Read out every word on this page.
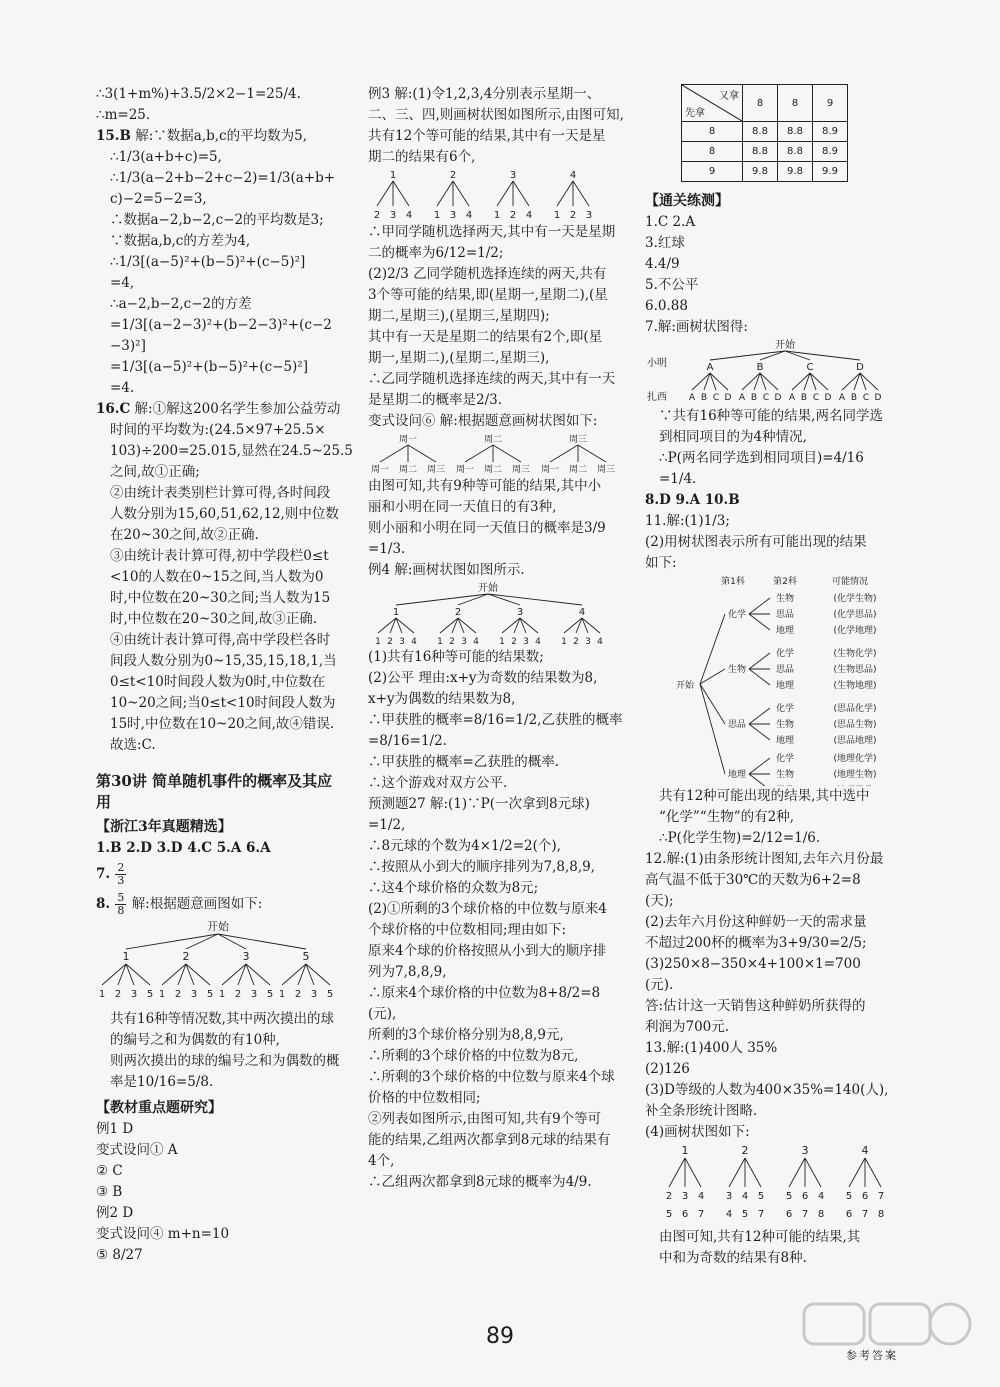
∴3(1+m%)+3.5/2×2−1=25/4.
∴m=25.
15.B 解:∵数据a,b,c的平均数为5,
∴1/3(a+b+c)=5,
∴1/3(a−2+b−2+c−2)=1/3(a+b+
c)−2=5−2=3,
∴数据a−2,b−2,c−2的平均数是3;
∵数据a,b,c的方差为4,
∴1/3[(a−5)²+(b−5)²+(c−5)²]
=4,
∴a−2,b−2,c−2的方差
=1/3[(a−2−3)²+(b−2−3)²+(c−2
−3)²]
=1/3[(a−5)²+(b−5)²+(c−5)²]
=4.
16.C 解:①解这200名学生参加公益劳动
时间的平均数为:(24.5×97+25.5×
103)÷200=25.015,显然在24.5~25.5
之间,故①正确;
②由统计表类别栏计算可得,各时间段
人数分别为15,60,51,62,12,则中位数
在20~30之间,故②正确.
③由统计表计算可得,初中学段栏0≤t
<10的人数在0~15之间,当人数为0
时,中位数在20~30之间;当人数为15
时,中位数在20~30之间,故③正确.
④由统计表计算可得,高中学段栏各时
间段人数分别为0~15,35,15,18,1,当
0≤t<10时间段人数为0时,中位数在
10~20之间;当0≤t<10时间段人数为
15时,中位数在10~20之间,故④错误.
故选:C.
第30讲 简单随机事件的概率及其应用
【浙江3年真题精选】
1.B 2.D 3.D 4.C 5.A 6.A
7. $\frac{2}{3}$
8. $\frac{5}{8}$ 解:根据题意画图如下:
开始
1
1 2 3 5
2
1 2 3 5
3
1 2 3 5
5
1 2 3 5
共有16种等情况数,其中两次摸出的球
的编号之和为偶数的有10种,
则两次摸出的球的编号之和为偶数的概
率是10/16=5/8.
【教材重点题研究】
例1 D
变式设问① A
② C
③ B
例2 D
变式设问④ m+n=10
⑤ 8/27
例3 解:(1)令1,2,3,4分别表示星期一、
二、三、四,则画树状图如图所示,由图可知,
共有12个等可能的结果,其中有一天是星
期二的结果有6个,
1
2 3 4
2
1 3 4
3
1 2 4
4
1 2 3
∴甲同学随机选择两天,其中有一天是星期
二的概率为6/12=1/2;
(2)2/3 乙同学随机选择连续的两天,共有
3个等可能的结果,即(星期一,星期二),(星
期二,星期三),(星期三,星期四);
其中有一天是星期二的结果有2个,即(星
期一,星期二),(星期二,星期三),
∴乙同学随机选择连续的两天,其中有一天
是星期二的概率是2/3.
变式设问⑥ 解:根据题意画树状图如下:
周一
周一 周二 周三
周二
周一 周二 周三
周三
周一 周二 周三
由图可知,共有9种等可能的结果,其中小
丽和小明在同一天值日的有3种,
则小丽和小明在同一天值日的概率是3/9
=1/3.
例4 解:画树状图如图所示.
开始
1
1 2 3 4
2
1 2 3 4
3
1 2 3 4
4
1 2 3 4
(1)共有16种等可能的结果数;
(2)公平 理由:x+y为奇数的结果数为8,
x+y为偶数的结果数为8,
∴甲获胜的概率=8/16=1/2,乙获胜的概率
=8/16=1/2.
∴甲获胜的概率=乙获胜的概率.
∴这个游戏对双方公平.
预测题27 解:(1)∵P(一次拿到8元球)
=1/2,
∴8元球的个数为4×1/2=2(个),
∴按照从小到大的顺序排列为7,8,8,9,
∴这4个球价格的众数为8元;
(2)①所剩的3个球价格的中位数与原来4
个球价格的中位数相同;理由如下:
原来4个球的价格按照从小到大的顺序排
列为7,8,8,9,
∴原来4个球价格的中位数为8+8/2=8
(元),
所剩的3个球价格分别为8,8,9元,
∴所剩的3个球价格的中位数为8元,
∴所剩的3个球价格的中位数与原来4个球
价格的中位数相同;
②列表如图所示,由图可知,共有9个等可
能的结果,乙组两次都拿到8元球的结果有
4个,
∴乙组两次都拿到8元球的概率为4/9.
又拿
先拿	8	8	9
8	8.8	8.8	8.9
8	8.8	8.8	8.9
9	9.8	9.8	9.9
【通关练测】
1.C 2.A
3.红球
4.4/9
5.不公平
6.0.88
7.解:画树状图得:
开始
小明
扎西
A
A B C D
B
A B C D
C
A B C D
D
A B C D
∵共有16种等可能的结果,两名同学选
到相同项目的为4种情况,
∴P(两名同学选到相同项目)=4/16
=1/4.
8.D 9.A 10.B
11.解:(1)1/3;
(2)用树状图表示所有可能出现的结果
如下:
第1科	第2科	可能情况
开始
化学
生物	(化学生物)
思品	(化学思品)
地理	(化学地理)
生物
化学	(生物化学)
思品	(生物思品)
地理	(生物地理)
思品
化学	(思品化学)
生物	(思品生物)
地理	(思品地理)
地理
化学	(地理化学)
生物	(地理生物)
共有12种可能出现的结果,其中选中
“化学”“生物”的有2种,
∴P(化学生物)=2/12=1/6.
12.解:(1)由条形统计图知,去年六月份最
高气温不低于30℃的天数为6+2=8
(天);
(2)去年六月份这种鲜奶一天的需求量
不超过200杯的概率为3+9/30=2/5;
(3)250×8−350×4+100×1=700
(元).
答:估计这一天销售这种鲜奶所获得的
利润为700元.
13.解:(1)400人 35%
(2)126
(3)D等级的人数为400×35%=140(人),
补全条形统计图略.
(4)画树状图如下:
1
2 3 4
5 6 7
2
3 4 5
4 5 7
3
5 6 4
6 7 8
4
5 6 7
6 7 8
由图可知,共有12种可能的结果,其
中和为奇数的结果有8种.
89
参考答案
